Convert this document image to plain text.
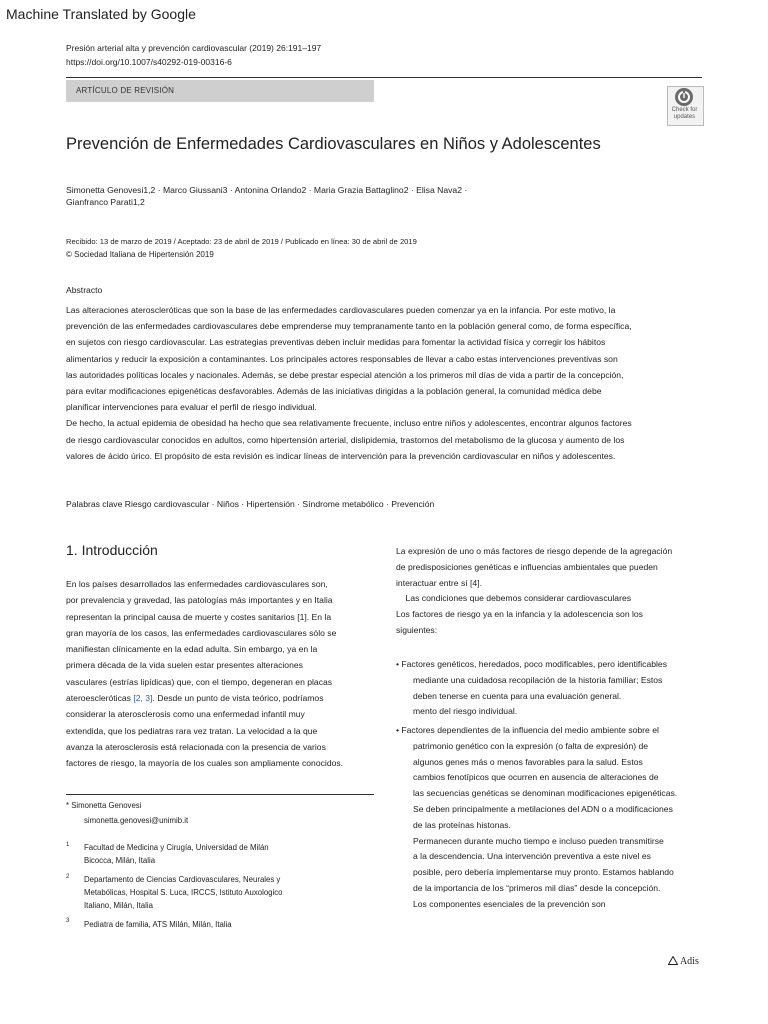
Machine Translated by Google
Presión arterial alta y prevención cardiovascular (2019) 26:191–197
https://doi.org/10.1007/s40292-019-00316-6
ARTÍCULO DE REVISIÓN
Check for
updates
Prevención de Enfermedades Cardiovasculares en Niños y Adolescentes
Simonetta Genovesi1,2 · Marco Giussani3 · Antonina Orlando2 · Maria Grazia Battaglino2 · Elisa Nava2 ·
Gianfranco Parati1,2
Recibido: 13 de marzo de 2019 / Aceptado: 23 de abril de 2019 / Publicado en línea: 30 de abril de 2019
© Sociedad Italiana de Hipertensión 2019
Abstracto
Las alteraciones ateroscleróticas que son la base de las enfermedades cardiovasculares pueden comenzar ya en la infancia. Por este motivo, la
prevención de las enfermedades cardiovasculares debe emprenderse muy tempranamente tanto en la población general como, de forma específica,
en sujetos con riesgo cardiovascular. Las estrategias preventivas deben incluir medidas para fomentar la actividad física y corregir los hábitos
alimentarios y reducir la exposición a contaminantes. Los principales actores responsables de llevar a cabo estas intervenciones preventivas son
las autoridades políticas locales y nacionales. Además, se debe prestar especial atención a los primeros mil días de vida a partir de la concepción,
para evitar modificaciones epigenéticas desfavorables. Además de las iniciativas dirigidas a la población general, la comunidad médica debe
planificar intervenciones para evaluar el perfil de riesgo individual.
De hecho, la actual epidemia de obesidad ha hecho que sea relativamente frecuente, incluso entre niños y adolescentes, encontrar algunos factores
de riesgo cardiovascular conocidos en adultos, como hipertensión arterial, dislipidemia, trastornos del metabolismo de la glucosa y aumento de los
valores de ácido úrico. El propósito de esta revisión es indicar líneas de intervención para la prevención cardiovascular en niños y adolescentes.
Palabras clave Riesgo cardiovascular · Niños · Hipertensión · Síndrome metabólico · Prevención
1. Introducción
En los países desarrollados las enfermedades cardiovasculares son,
por prevalencia y gravedad, las patologías más importantes y en Italia
representan la principal causa de muerte y costes sanitarios [1]. En la
gran mayoría de los casos, las enfermedades cardiovasculares sólo se
manifiestan clínicamente en la edad adulta. Sin embargo, ya en la
primera década de la vida suelen estar presentes alteraciones
vasculares (estrías lipídicas) que, con el tiempo, degeneran en placas
ateroescleróticas [2, 3]. Desde un punto de vista teórico, podríamos
considerar la aterosclerosis como una enfermedad infantil muy
extendida, que los pediatras rara vez tratan. La velocidad a la que
avanza la aterosclerosis está relacionada con la presencia de varios
factores de riesgo, la mayoría de los cuales son ampliamente conocidos.
* Simonetta Genovesi
simonetta.genovesi@unimib.it
$^1$ Facultad de Medicina y Cirugía, Universidad de Milán
Bicocca, Milán, Italia
$^2$ Departamento de Ciencias Cardiovasculares, Neurales y
Metabólicas, Hospital S. Luca, IRCCS, Istituto Auxologico
Italiano, Milán, Italia
$^3$ Pediatra de familia, ATS Milán, Milán, Italia
La expresión de uno o más factores de riesgo depende de la agregación
de predisposiciones genéticas e influencias ambientales que pueden
interactuar entre sí [4].
Las condiciones que debemos considerar cardiovasculares
Los factores de riesgo ya en la infancia y la adolescencia son los
siguientes:
• Factores genéticos, heredados, poco modificables, pero identificables
mediante una cuidadosa recopilación de la historia familiar; Estos
deben tenerse en cuenta para una evaluación general.
mento del riesgo individual.
• Factores dependientes de la influencia del medio ambiente sobre el
patrimonio genético con la expresión (o falta de expresión) de
algunos genes más o menos favorables para la salud. Estos
cambios fenotípicos que ocurren en ausencia de alteraciones de
las secuencias genéticas se denominan modificaciones epigenéticas.
Se deben principalmente a metilaciones del ADN o a modificaciones
de las proteínas histonas.
Permanecen durante mucho tiempo e incluso pueden transmitirse
a la descendencia. Una intervención preventiva a este nivel es
posible, pero debería implementarse muy pronto. Estamos hablando
de la importancia de los “primeros mil días” desde la concepción.
Los componentes esenciales de la prevención son
Adis
